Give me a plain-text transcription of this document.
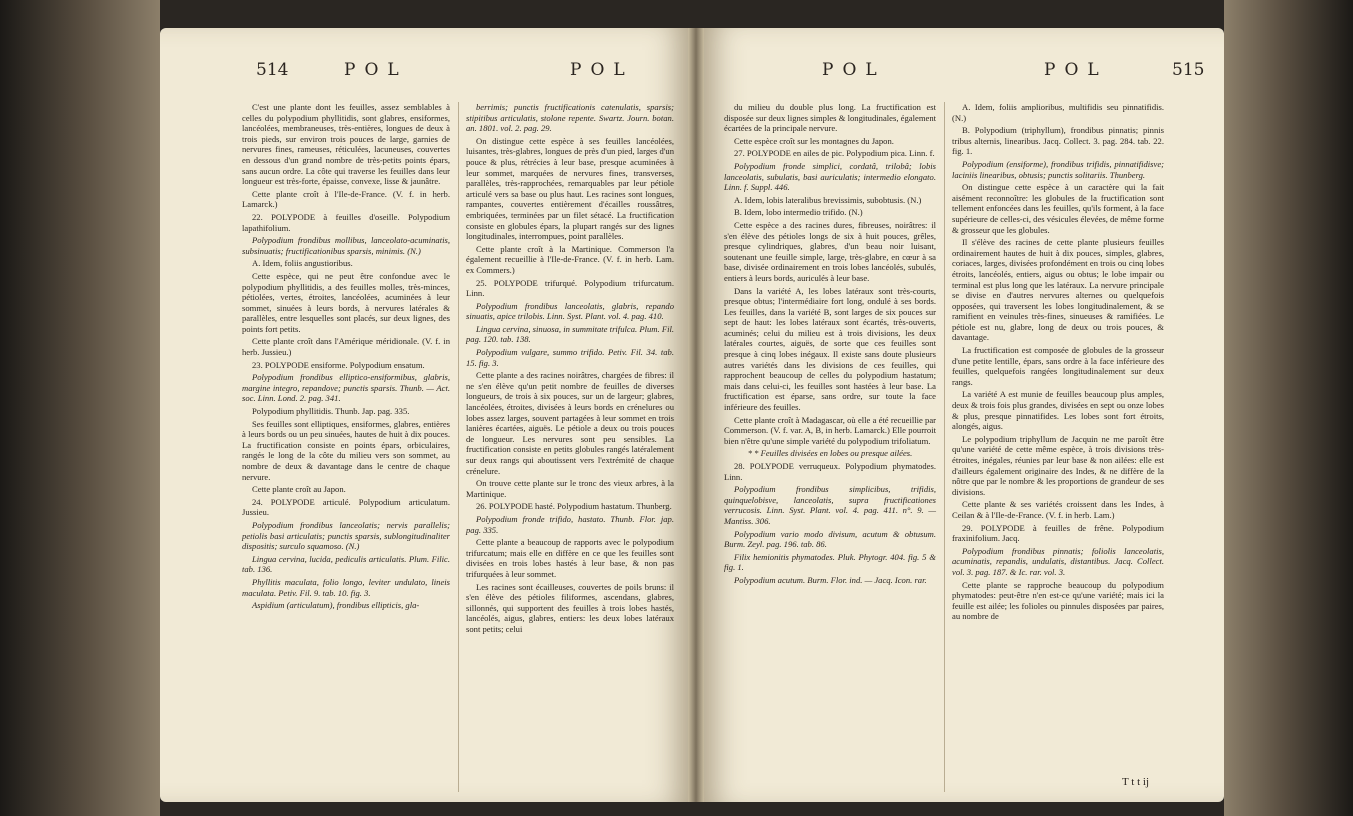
514	POL	POL

C'est une plante dont les feuilles, assez semblables à celles du polypodium phyllitidis, sont glabres, ensiformes, lancéolées, membraneuses, très-entières, longues de deux à trois pieds, sur environ trois pouces de large, garnies de nervures fines, rameuses, réticulées, lacuneuses, couvertes en dessous d'un grand nombre de très-petits points épars, sans aucun ordre. La côte qui traverse les feuilles dans leur longueur est très-forte, épaisse, convexe, lisse & jaunâtre.

Cette plante croît à l'Ile-de-France. (V. f. in herb. Lamarck.)

22. POLYPODE à feuilles d'oseille. Polypodium lapathifolium.

Polypodium frondibus mollibus, lanceolato-acuminatis, subsinuatis; fructificationibus sparsis, minimis. (N.)

A. Idem, foliis angustioribus.

Cette espèce, qui ne peut être confondue avec le polypodium phyllitidis, a des feuilles molles, très-minces, pétiolées, vertes, étroites, lancéolées, acuminées à leur sommet, sinuées à leurs bords, à nervures latérales & parallèles, entre lesquelles sont placés, sur deux lignes, des points fort petits.

Cette plante croît dans l'Amérique méridionale. (V. f. in herb. Jussieu.)

23. POLYPODE ensiforme. Polypodium ensatum.

Polypodium frondibus elliptico-ensiformibus, glabris, margine integro, repandove; punctis sparsis. Thunb. — Act. soc. Linn. Lond. 2. pag. 341.

Polypodium phyllitidis. Thunb. Jap. pag. 335.

Ses feuilles sont elliptiques, ensiformes, glabres, entières à leurs bords ou un peu sinuées, hautes de huit à dix pouces. La fructification consiste en points épars, orbiculaires, rangés le long de la côte du milieu vers son sommet, au nombre de deux & davantage dans le centre de chaque nervure.

Cette plante croît au Japon.

24. POLYPODE articulé. Polypodium articulatum. Jussieu.

Polypodium frondibus lanceolatis; nervis parallelis; petiolis basi articulatis; punctis sparsis, sublongitudinaliter dispositis; surculo squamoso. (N.)

Lingua cervina, lucida, pediculis articulatis. Plum. Filic. tab. 136.

Phyllitis maculata, folio longo, leviter undulato, lineis maculata. Petiv. Fil. 9. tab. 10. fig. 3.

Aspidium (articulatum), frondibus ellipticis, gla-

berrimis; punctis fructificationis catenulatis, sparsis; stipitibus articulatis, stolone repente. Swartz. Journ. botan. an. 1801. vol. 2. pag. 29.

On distingue cette espèce à ses feuilles lancéolées, luisantes, très-glabres, longues de près d'un pied, larges d'un pouce & plus, rétrécies à leur base, presque acuminées à leur sommet, marquées de nervures fines, transverses, parallèles, très-rapprochées, remarquables par leur pétiole articulé vers sa base ou plus haut. Les racines sont longues, rampantes, couvertes entièrement d'écailles roussâtres, embriquées, terminées par un filet sétacé. La fructification consiste en globules épars, la plupart rangés sur des lignes longitudinales, interrompues, point parallèles.

Cette plante croît à la Martinique. Commerson l'a également recueillie à l'Ile-de-France. (V. f. in herb. Lam. ex Commers.)

25. POLYPODE trifurqué. Polypodium trifurcatum. Linn.

Polypodium frondibus lanceolatis, glabris, repando sinuatis, apice trilobis. Linn. Syst. Plant. vol. 4. pag. 410.

Lingua cervina, sinuosa, in summitate trifulca. Plum. Fil. pag. 120. tab. 138.

Polypodium vulgare, summo trifido. Petiv. Fil. 34. tab. 15. fig. 3.

Cette plante a des racines noirâtres, chargées de fibres: il ne s'en élève qu'un petit nombre de feuilles de diverses longueurs, de trois à six pouces, sur un de largeur; glabres, lancéolées, étroites, divisées à leurs bords en crénelures ou lobes assez larges, souvent partagées à leur sommet en trois lanières écartées, aiguës. Le pétiole a deux ou trois pouces de longueur. Les nervures sont peu sensibles. La fructification consiste en petits globules rangés latéralement sur deux rangs qui aboutissent vers l'extrémité de chaque crénelure.

On trouve cette plante sur le tronc des vieux arbres, à la Martinique.

26. POLYPODE hasté. Polypodium hastatum. Thunberg.

Polypodium fronde trifido, hastato. Thunb. Flor. jap. pag. 335.

Cette plante a beaucoup de rapports avec le polypodium trifurcatum; mais elle en diffère en ce que les feuilles sont divisées en trois lobes hastés à leur base, & non pas trifurquées à leur sommet.

Les racines sont écailleuses, couvertes de poils bruns: il s'en élève des pétioles filiformes, ascendans, glabres, sillonnés, qui supportent des feuilles à trois lobes hastés, lancéolés, aigus, glabres, entiers: les deux lobes latéraux sont petits; celui

POL	POL	515

du milieu du double plus long. La fructification est disposée sur deux lignes simples & longitudinales, également écartées de la principale nervure.

Cette espèce croît sur les montagnes du Japon.

27. POLYPODE en ailes de pic. Polypodium pica. Linn. f.

Polypodium fronde simplici, cordatâ, trilobâ; lobis lanceolatis, subulatis, basi auriculatis; intermedio elongato. Linn. f. Suppl. 446.

A. Idem, lobis lateralibus brevissimis, subobtusis. (N.)

B. Idem, lobo intermedio trifido. (N.)

Cette espèce a des racines dures, fibreuses, noirâtres: il s'en élève des pétioles longs de six à huit pouces, grêles, presque cylindriques, glabres, d'un beau noir luisant, soutenant une feuille simple, large, très-glabre, en cœur à sa base, divisée ordinairement en trois lobes lancéolés, subulés, entiers à leurs bords, auriculés à leur base.

Dans la variété A, les lobes latéraux sont très-courts, presque obtus; l'intermédiaire fort long, ondulé à ses bords. Les feuilles, dans la variété B, sont larges de six pouces sur sept de haut: les lobes latéraux sont écartés, très-ouverts, acuminés; celui du milieu est à trois divisions, les deux latérales courtes, aiguës, de sorte que ces feuilles sont presque à cinq lobes inégaux. Il existe sans doute plusieurs autres variétés dans les divisions de ces feuilles, qui rapprochent beaucoup de celles du polypodium hastatum; mais dans celui-ci, les feuilles sont hastées à leur base. La fructification est éparse, sans ordre, sur toute la face inférieure des feuilles.

Cette plante croît à Madagascar, où elle a été recueillie par Commerson. (V. f. var. A, B, in herb. Lamarck.) Elle pourroit bien n'être qu'une simple variété du polypodium trifoliatum.

* * Feuilles divisées en lobes ou presque ailées.

28. POLYPODE verruqueux. Polypodium phymatodes. Linn.

Polypodium frondibus simplicibus, trifidis, quinquelobisve, lanceolatis, supra fructificationes verrucosis. Linn. Syst. Plant. vol. 4. pag. 411. n°. 9. — Mantiss. 306.

Polypodium vario modo divisum, acutum & obtusum. Burm. Zeyl. pag. 196. tab. 86.

Filix hemionitis phymatodes. Pluk. Phytogr. 404. fig. 5 & fig. 1.

Polypodium acutum. Burm. Flor. ind. — Jacq. Icon. rar.

A. Idem, foliis amplioribus, multifidis seu pinnatifidis. (N.)

B. Polypodium (triphyllum), frondibus pinnatis; pinnis tribus alternis, linearibus. Jacq. Collect. 3. pag. 284. tab. 22. fig. 1.

Polypodium (ensiforme), frondibus trifidis, pinnatifidisve; laciniis linearibus, obtusis; punctis solitariis. Thunberg.

On distingue cette espèce à un caractère qui la fait aisément reconnoître: les globules de la fructification sont tellement enfoncées dans les feuilles, qu'ils forment, à la face supérieure de celles-ci, des vésicules élevées, de même forme & grosseur que les globules.

Il s'élève des racines de cette plante plusieurs feuilles ordinairement hautes de huit à dix pouces, simples, glabres, coriaces, larges, divisées profondément en trois ou cinq lobes étroits, lancéolés, entiers, aigus ou obtus; le lobe impair ou terminal est plus long que les latéraux. La nervure principale se divise en d'autres nervures alternes ou quelquefois opposées, qui traversent les lobes longitudinalement, & se ramifient en veinules très-fines, sinueuses & ramifiées. Le pétiole est nu, glabre, long de deux ou trois pouces, & davantage.

La fructification est composée de globules de la grosseur d'une petite lentille, épars, sans ordre à la face inférieure des feuilles, quelquefois rangées longitudinalement sur deux rangs.

La variété A est munie de feuilles beaucoup plus amples, deux & trois fois plus grandes, divisées en sept ou onze lobes & plus, presque pinnatifides. Les lobes sont fort étroits, alongés, aigus.

Le polypodium triphyllum de Jacquin ne me paroît être qu'une variété de cette même espèce, à trois divisions très-étroites, inégales, réunies par leur base & non ailées: elle est d'ailleurs également originaire des Indes, & ne diffère de la nôtre que par le nombre & les proportions de grandeur de ses divisions.

Cette plante & ses variétés croissent dans les Indes, à Ceilan & à l'Ile-de-France. (V. f. in herb. Lam.)

29. POLYPODE à feuilles de frêne. Polypodium fraxinifolium. Jacq.

Polypodium frondibus pinnatis; foliolis lanceolatis, acuminatis, repandis, undulatis, distantibus. Jacq. Collect. vol. 3. pag. 187. & Ic. rar. vol. 3.

Cette plante se rapproche beaucoup du polypodium phymatodes: peut-être n'en est-ce qu'une variété; mais ici la feuille est ailée; les folioles ou pinnules disposées par paires, au nombre de

T t t ij
